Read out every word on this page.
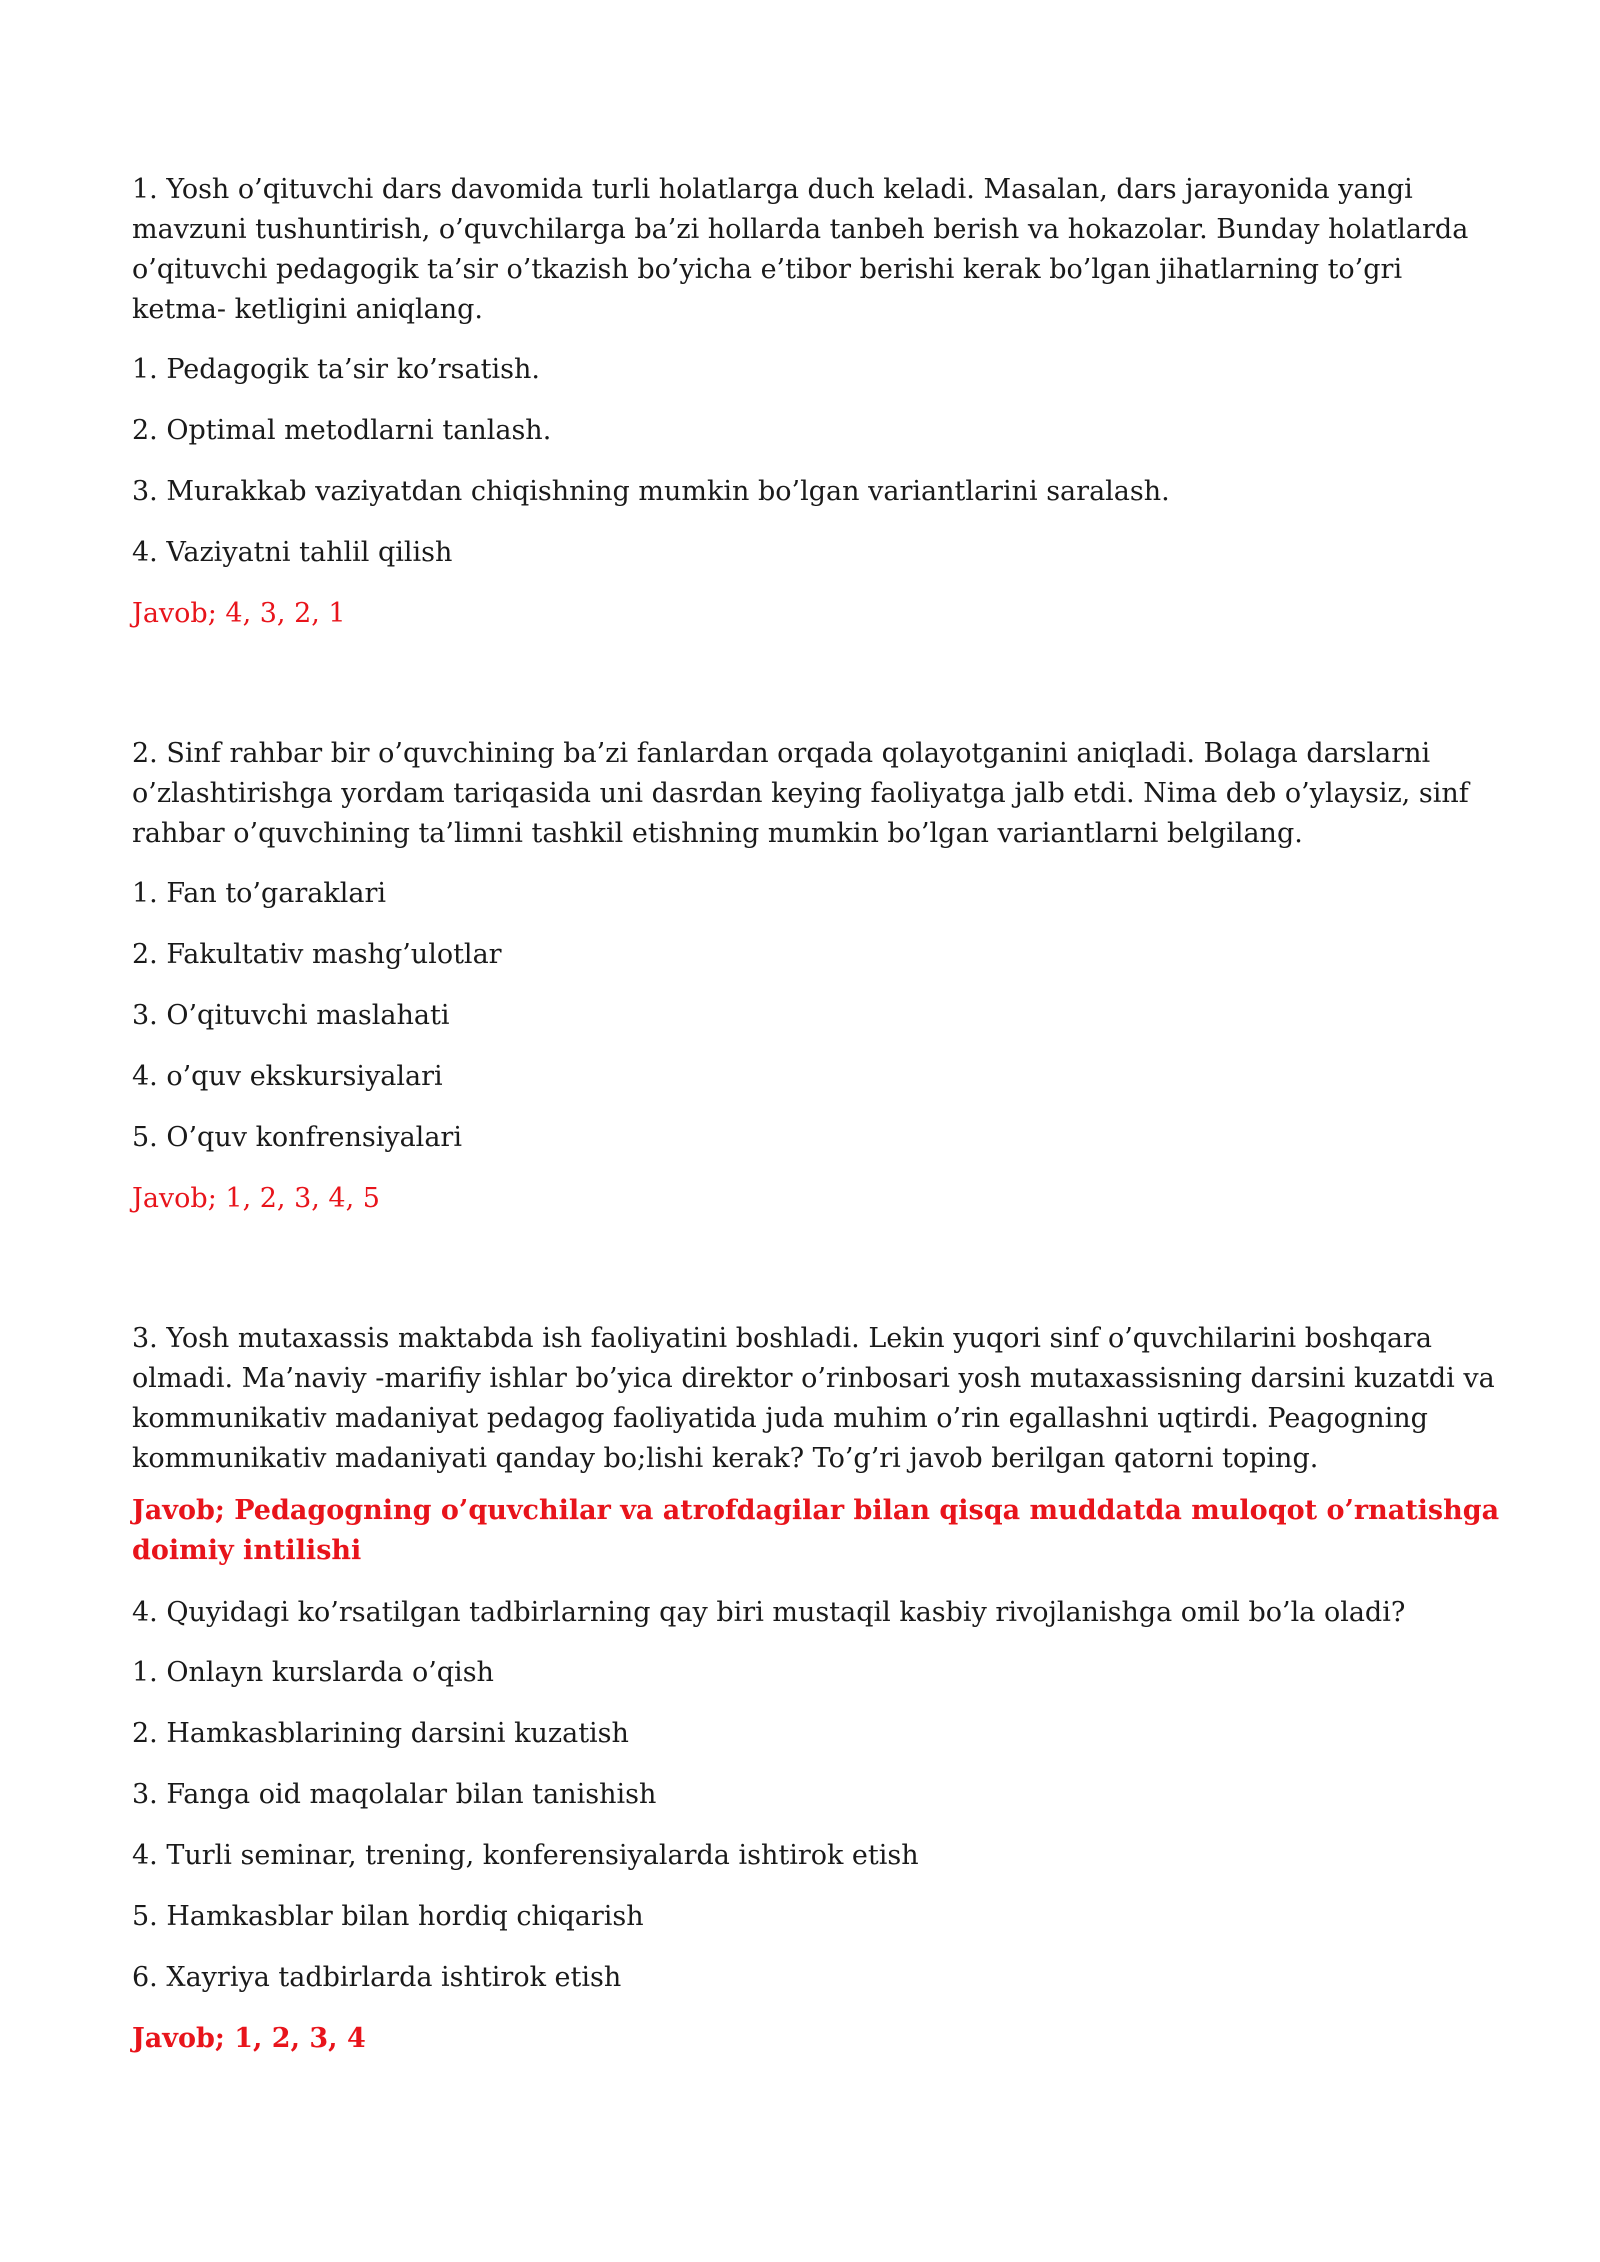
1. Yosh o’qituvchi dars davomida turli holatlarga duch keladi. Masalan, dars jarayonida yangi mavzuni tushuntirish, o’quvchilarga ba’zi hollarda tanbeh berish va hokazolar. Bunday holatlarda o’qituvchi pedagogik ta’sir o’tkazish bo’yicha e’tibor berishi kerak bo’lgan jihatlarning to’gri ketma- ketligini aniqlang.

1. Pedagogik ta’sir ko’rsatish.

2. Optimal metodlarni tanlash.

3. Murakkab vaziyatdan chiqishning mumkin bo’lgan variantlarini saralash.

4. Vaziyatni tahlil qilish

Javob; 4, 3, 2, 1

2. Sinf rahbar bir o’quvchining ba’zi fanlardan orqada qolayotganini aniqladi. Bolaga darslarni o’zlashtirishga yordam tariqasida uni dasrdan keying faoliyatga jalb etdi. Nima deb o’ylaysiz, sinf rahbar o’quvchining ta’limni tashkil etishning mumkin bo’lgan variantlarni belgilang.

1. Fan to’garaklari

2. Fakultativ mashg’ulotlar

3. O’qituvchi maslahati

4. o’quv ekskursiyalari

5. O’quv konfrensiyalari

Javob; 1, 2, 3, 4, 5

3. Yosh mutaxassis maktabda ish faoliyatini boshladi. Lekin yuqori sinf o’quvchilarini boshqara olmadi. Ma’naviy -marifiy ishlar bo’yica direktor o’rinbosari yosh mutaxassisning darsini kuzatdi va kommunikativ madaniyat pedagog faoliyatida juda muhim o’rin egallashni uqtirdi. Peagogning kommunikativ madaniyati qanday bo;lishi kerak? To’g’ri javob berilgan qatorni toping.

Javob; Pedagogning o’quvchilar va atrofdagilar bilan qisqa muddatda muloqot o’rnatishga doimiy intilishi

4. Quyidagi ko’rsatilgan tadbirlarning qay biri mustaqil kasbiy rivojlanishga omil bo’la oladi?

1. Onlayn kurslarda o’qish

2. Hamkasblarining darsini kuzatish

3. Fanga oid maqolalar bilan tanishish

4. Turli seminar, trening, konferensiyalarda ishtirok etish

5. Hamkasblar bilan hordiq chiqarish

6. Xayriya tadbirlarda ishtirok etish

Javob; 1, 2, 3, 4
